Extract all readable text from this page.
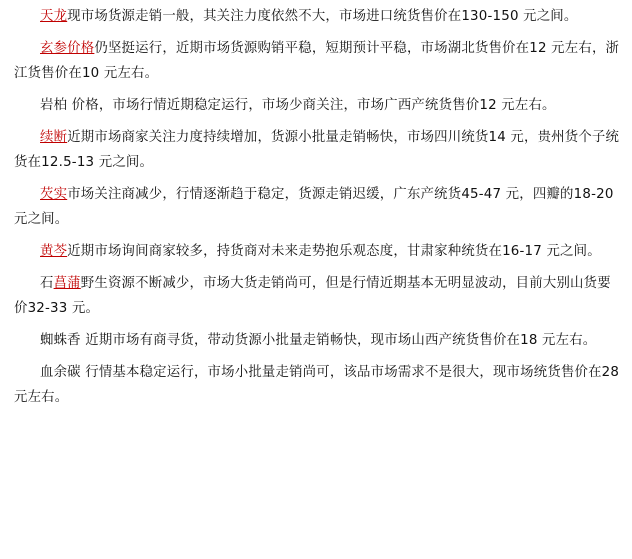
天龙现市场货源走销一般，其关注力度依然不大，市场进口统货售价在130-150 元之间。

玄参价格仍坚挺运行，近期市场货源购销平稳，短期预计平稳，市场湖北货售价在12 元左右，浙江货售价在10 元左右。

岩柏 价格，市场行情近期稳定运行，市场少商关注，市场广西产统货售价12 元左右。

续断近期市场商家关注力度持续增加，货源小批量走销畅快，市场四川统货14 元，贵州货个子统货在12.5-13 元之间。

芡实市场关注商减少，行情逐渐趋于稳定，货源走销迟缓，广东产统货45-47 元，四瓣的18-20 元之间。

黄芩近期市场询间商家较多，持货商对未来走势抱乐观态度，甘肃家种统货在16-17 元之间。

石菖蒲野生资源不断减少，市场大货走销尚可，但是行情近期基本无明显波动，目前大别山货要价32-33 元。

蜘蛛香 近期市场有商寻货，带动货源小批量走销畅快，现市场山西产统货售价在18 元左右。

血余碳 行情基本稳定运行，市场小批量走销尚可，该品市场需求不是很大，现市场统货售价在28 元左右。
